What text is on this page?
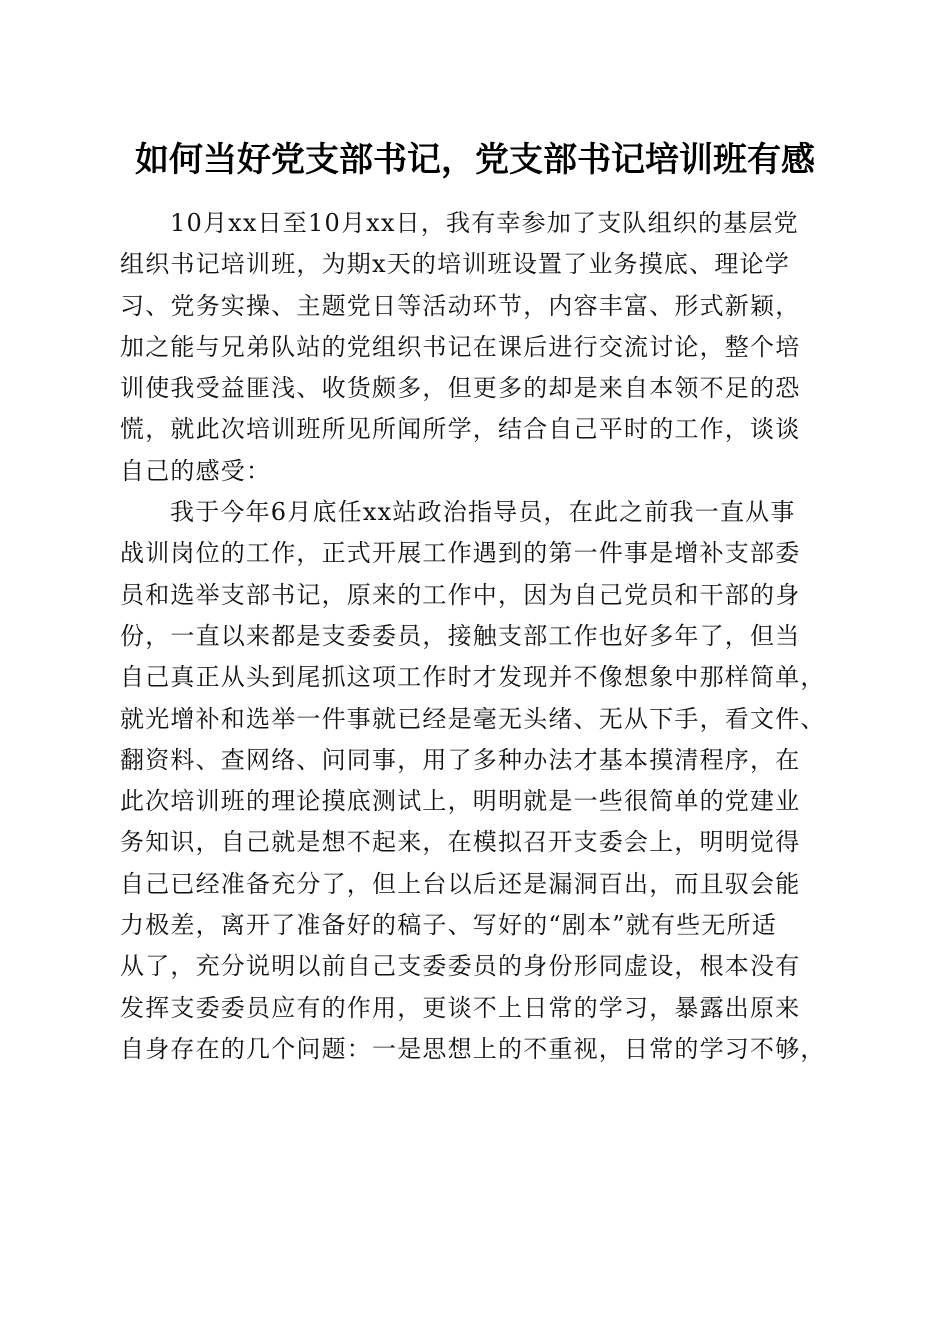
如何当好党支部书记，党支部书记培训班有感
10月xx日至10月xx日，我有幸参加了支队组织的基层党
组织书记培训班，为期x天的培训班设置了业务摸底、理论学
习、党务实操、主题党日等活动环节，内容丰富、形式新颖，
加之能与兄弟队站的党组织书记在课后进行交流讨论，整个培
训使我受益匪浅、收货颇多，但更多的却是来自本领不足的恐
慌，就此次培训班所见所闻所学，结合自己平时的工作，谈谈
自己的感受：
我于今年6月底任xx站政治指导员，在此之前我一直从事
战训岗位的工作，正式开展工作遇到的第一件事是增补支部委
员和选举支部书记，原来的工作中，因为自己党员和干部的身
份，一直以来都是支委委员，接触支部工作也好多年了，但当
自己真正从头到尾抓这项工作时才发现并不像想象中那样简单，
就光增补和选举一件事就已经是毫无头绪、无从下手，看文件、
翻资料、查网络、问同事，用了多种办法才基本摸清程序，在
此次培训班的理论摸底测试上，明明就是一些很简单的党建业
务知识，自己就是想不起来，在模拟召开支委会上，明明觉得
自己已经准备充分了，但上台以后还是漏洞百出，而且驭会能
力极差，离开了准备好的稿子、写好的“剧本”就有些无所适
从了，充分说明以前自己支委委员的身份形同虚设，根本没有
发挥支委委员应有的作用，更谈不上日常的学习，暴露出原来
自身存在的几个问题：一是思想上的不重视，日常的学习不够，
